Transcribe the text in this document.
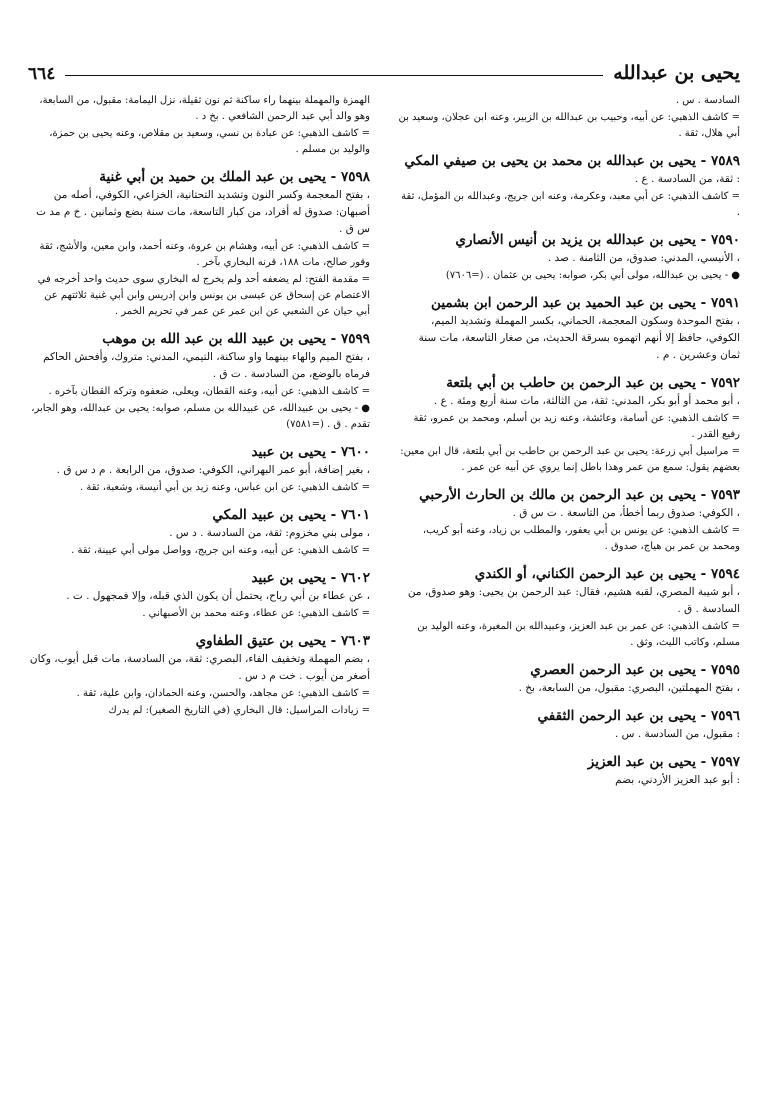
يحيى بن عبدالله
٦٦٤
السادسة . س .
= كاشف الذهبي: عن أبيه، وحبيب بن عبدالله بن الزبير، وعنه ابن عجلان، وسعيد بن أبي هلال، ثقة .
٧٥٨٩ - يحيى بن عبدالله بن محمد بن يحيى بن صيفي المكي
: ثقة، من السادسة . ع .
= كاشف الذهبي: عن أبي معبد، وعكرمة، وعنه ابن جريج، وعبدالله بن المؤمل، ثقة .
٧٥٩٠ - يحيى بن عبدالله بن يزيد بن أنيس الأنصاري
، الأنيسي، المدني: صدوق، من الثامنة . صد .
● - يحيى بن عبدالله، مولى أبي بكر، صوابه: يحيى بن عثمان . (=٧٦٠٦)
٧٥٩١ - يحيى بن عبد الحميد بن عبد الرحمن ابن بشمين
، بفتح الموحدة وسكون المعجمة، الحماني، بكسر المهملة وتشديد الميم، الكوفي، حافظ إلا أنهم اتهموه بسرقة الحديث، من صغار التاسعة، مات سنة ثمان وعشرين . م .
٧٥٩٢ - يحيى بن عبد الرحمن بن حاطب بن أبي بلتعة
، أبو محمد أو أبو بكر، المدني: ثقة، من الثالثة، مات سنة أربع ومئة . ع .
= كاشف الذهبي: عن أسامة، وعائشة، وعنه زيد بن أسلم، ومحمد بن عمرو، ثقة رفيع القدر .
= مراسيل أبي زرعة: يحيى بن عبد الرحمن بن حاطب بن أبي بلتعة، قال ابن معين: بعضهم يقول: سمع من عمر وهذا باطل إنما يروي عن أبيه عن عمر .
٧٥٩٣ - يحيى بن عبد الرحمن بن مالك بن الحارث الأرحبي
، الكوفي: صدوق ربما أخطأ، من التاسعة . ت س ق .
= كاشف الذهبي: عن يونس بن أبي يعفور، والمطلب بن زياد، وعنه أبو كريب، ومحمد بن عمر بن هياج، صدوق .
٧٥٩٤ - يحيى بن عبد الرحمن الكناني، أو الكندي
، أبو شيبة المصري، لقبه هشيم، فقال: عبد الرحمن بن يحيى: وهو صدوق، من السادسة . ق .
= كاشف الذهبي: عن عمر بن عبد العزيز، وعبيدالله بن المغيرة، وعنه الوليد بن مسلم، وكاتب الليث، وثق .
٧٥٩٥ - يحيى بن عبد الرحمن العصري
، بفتح المهملتين، البصري: مقبول، من السابعة، بخ .
٧٥٩٦ - يحيى بن عبد الرحمن الثقفي
: مقبول، من السادسة . س .
٧٥٩٧ - يحيى بن عبد العزيز
: أبو عبد العزيز الأردني، بضم
الهمزة والمهملة بينهما راء ساكنة ثم نون ثقيلة، نزل اليمامة: مقبول، من السابعة، وهو والد أبي عبد الرحمن الشافعي . بخ د .
= كاشف الذهبي: عن عبادة بن نسي، وسعيد بن مقلاص، وعنه يحيى بن حمزة، والوليد بن مسلم .
٧٥٩٨ - يحيى بن عبد الملك بن حميد بن أبي غنية
، بفتح المعجمة وكسر النون وتشديد التحتانية، الخزاعي، الكوفي، أصله من أصبهان: صدوق له أفراد، من كبار التاسعة، مات سنة بضع وثمانين . خ م مد ت س ق .
= كاشف الذهبي: عن أبيه، وهشام بن عروة، وعنه أحمد، وابن معين، والأشج، ثقة وقور صالح، مات ١٨٨، قرنه البخاري بآخر .
= مقدمة الفتح: لم يضعفه أحد ولم يخرج له البخاري سوى حديث واحد أخرجه في الاعتصام عن إسحاق عن عيسى بن يونس وابن إدريس وابن أبي غنية ثلاثتهم عن أبي حيان عن الشعبي عن ابن عمر عن عمر في تحريم الخمر .
٧٥٩٩ - يحيى بن عبيد الله بن عبد الله بن موهب
، بفتح الميم والهاء بينهما واو ساكنة، التيمي، المدني: متروك، وأفحش الحاكم فرماه بالوضع، من السادسة . ت ق .
= كاشف الذهبي: عن أبيه، وعنه القطان، ويعلى، ضعفوه وتركه القطان بآخره .
● - يحيى بن عبيدالله، عن عبيدالله بن مسلم، صوابه: يحيى بن عبدالله، وهو الجابر، تقدم . ق . (=٧٥٨١)
٧٦٠٠ - يحيى بن عبيد
، بغير إضافة، أبو عمر البهراني، الكوفي: صدوق، من الرابعة . م د س ق .
= كاشف الذهبي: عن ابن عباس، وعنه زيد بن أبي أنيسة، وشعبة، ثقة .
٧٦٠١ - يحيى بن عبيد المكي
، مولى بني مخزوم: ثقة، من السادسة . د س .
= كاشف الذهبي: عن أبيه، وعنه ابن جريج، وواصل مولى أبي عيينة، ثقة .
٧٦٠٢ - يحيى بن عبيد
، عن عطاء بن أبي رباح، يحتمل أن يكون الذي قبله، وإلا فمجهول . ت .
= كاشف الذهبي: عن عطاء، وعنه محمد بن الأصبهاني .
٧٦٠٣ - يحيى بن عتيق الطفاوي
، بضم المهملة وتخفيف الفاء، البصري: ثقة، من السادسة، مات قبل أيوب، وكان أصغر من أيوب . خت م د س .
= كاشف الذهبي: عن مجاهد، والحسن، وعنه الحمادان، وابن علية، ثقة .
= زيادات المراسيل: قال البخاري (في التاريخ الصغير): لم يدرك
